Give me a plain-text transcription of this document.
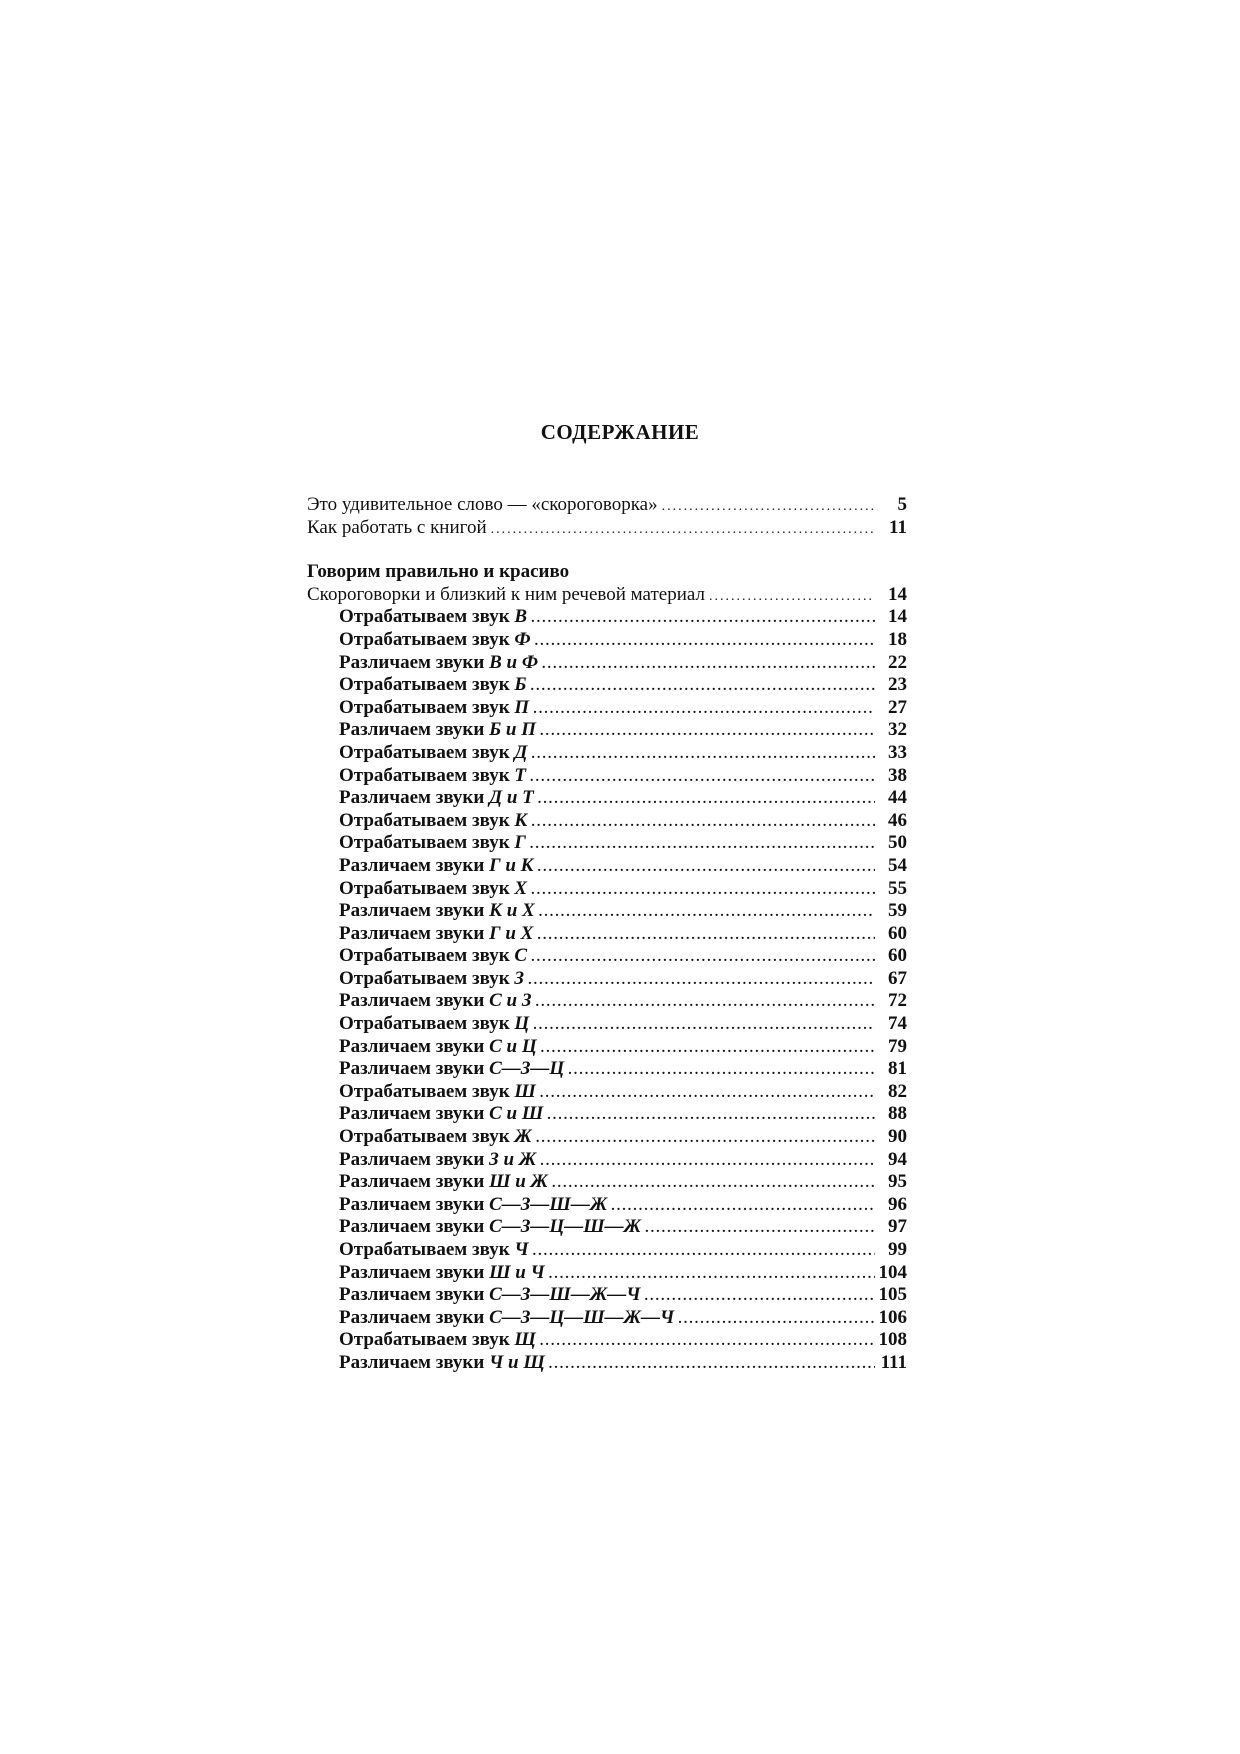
СОДЕРЖАНИЕ
Это удивительное слово — «скороговорка» .....	5
Как работать с книгой .....	11
Говорим правильно и красиво
Скороговорки и близкий к ним речевой материал .....	14
Отрабатываем звук В .....	14
Отрабатываем звук Ф .....	18
Различаем звуки В и Ф .....	22
Отрабатываем звук Б .....	23
Отрабатываем звук П .....	27
Различаем звуки Б и П .....	32
Отрабатываем звук Д .....	33
Отрабатываем звук Т .....	38
Различаем звуки Д и Т .....	44
Отрабатываем звук К .....	46
Отрабатываем звук Г .....	50
Различаем звуки Г и К .....	54
Отрабатываем звук Х .....	55
Различаем звуки К и Х .....	59
Различаем звуки Г и Х .....	60
Отрабатываем звук С .....	60
Отрабатываем звук З .....	67
Различаем звуки С и З .....	72
Отрабатываем звук Ц .....	74
Различаем звуки С и Ц .....	79
Различаем звуки С—З—Ц .....	81
Отрабатываем звук Ш .....	82
Различаем звуки С и Ш .....	88
Отрабатываем звук Ж .....	90
Различаем звуки З и Ж .....	94
Различаем звуки Ш и Ж .....	95
Различаем звуки С—З—Ш—Ж .....	96
Различаем звуки С—З—Ц—Ш—Ж .....	97
Отрабатываем звук Ч .....	99
Различаем звуки Ш и Ч .....	104
Различаем звуки С—З—Ш—Ж—Ч .....	105
Различаем звуки С—З—Ц—Ш—Ж—Ч .....	106
Отрабатываем звук Щ .....	108
Различаем звуки Ч и Щ .....	111
